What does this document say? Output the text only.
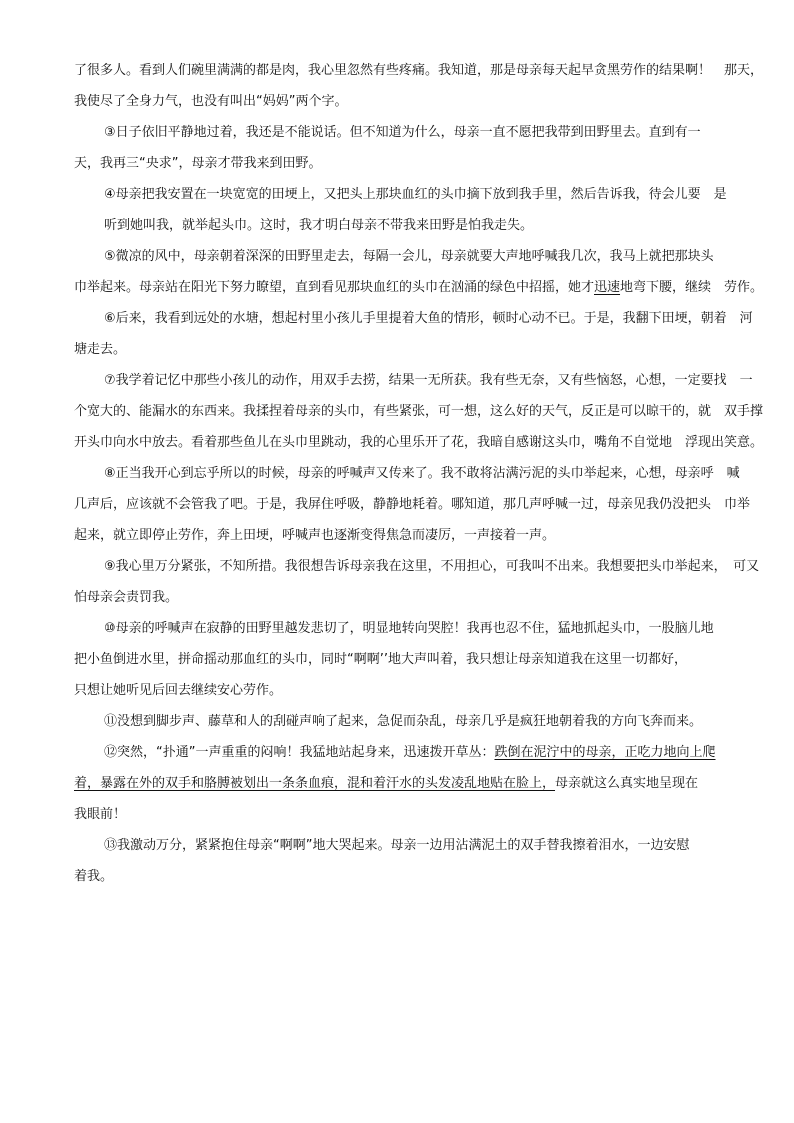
了很多人。看到人们碗里满满的都是肉，我心里忽然有些疼痛。我知道，那是母亲每天起早贪黑劳作的结果啊！　那天，
我使尽了全身力气，也没有叫出“妈妈”两个字。
③日子依旧平静地过着，我还是不能说话。但不知道为什么，母亲一直不愿把我带到田野里去。直到有一
天，我再三“央求”，母亲才带我来到田野。
④母亲把我安置在一块宽宽的田埂上，又把头上那块血红的头巾摘下放到我手里，然后告诉我，待会儿要　是
听到她叫我，就举起头巾。这时，我才明白母亲不带我来田野是怕我走失。
⑤微凉的风中，母亲朝着深深的田野里走去，每隔一会儿，母亲就要大声地呼喊我几次，我马上就把那块头
巾举起来。母亲站在阳光下努力瞭望，直到看见那块血红的头巾在汹涌的绿色中招摇，她才迅速地弯下腰，继续　劳作。
⑥后来，我看到远处的水塘，想起村里小孩儿手里提着大鱼的情形，顿时心动不已。于是，我翻下田埂，朝着　河
塘走去。
⑦我学着记忆中那些小孩儿的动作，用双手去捞，结果一无所获。我有些无奈，又有些恼怒，心想，一定要找　一
个宽大的、能漏水的东西来。我揉捏着母亲的头巾，有些紧张，可一想，这么好的天气，反正是可以晾干的，就　双手撑
开头巾向水中放去。看着那些鱼儿在头巾里跳动，我的心里乐开了花，我暗自感谢这头巾，嘴角不自觉地　浮现出笑意。
⑧正当我开心到忘乎所以的时候，母亲的呼喊声又传来了。我不敢将沾满污泥的头巾举起来，心想，母亲呼　喊
几声后，应该就不会管我了吧。于是，我屏住呼吸，静静地耗着。哪知道，那几声呼喊一过，母亲见我仍没把头　巾举
起来，就立即停止劳作，奔上田埂，呼喊声也逐渐变得焦急而凄厉，一声接着一声。
⑨我心里万分紧张，不知所措。我很想告诉母亲我在这里，不用担心，可我叫不出来。我想要把头巾举起来，　可又
怕母亲会责罚我。
⑩母亲的呼喊声在寂静的田野里越发悲切了，明显地转向哭腔！我再也忍不住，猛地抓起头巾，一股脑儿地
把小鱼倒进水里，拼命摇动那血红的头巾，同时“啊啊’’地大声叫着，我只想让母亲知道我在这里一切都好，
只想让她听见后回去继续安心劳作。
⑪没想到脚步声、藤草和人的刮碰声响了起来，急促而杂乱，母亲几乎是疯狂地朝着我的方向飞奔而来。
⑫突然，“扑通”一声重重的闷响！我猛地站起身来，迅速拨开草丛：跌倒在泥泞中的母亲，正吃力地向上爬
着，暴露在外的双手和胳膊被划出一条条血痕，混和着汗水的头发凌乱地贴在脸上，母亲就这么真实地呈现在
我眼前！
⑬我激动万分，紧紧抱住母亲“啊啊”地大哭起来。母亲一边用沾满泥土的双手替我擦着泪水，一边安慰
着我。
